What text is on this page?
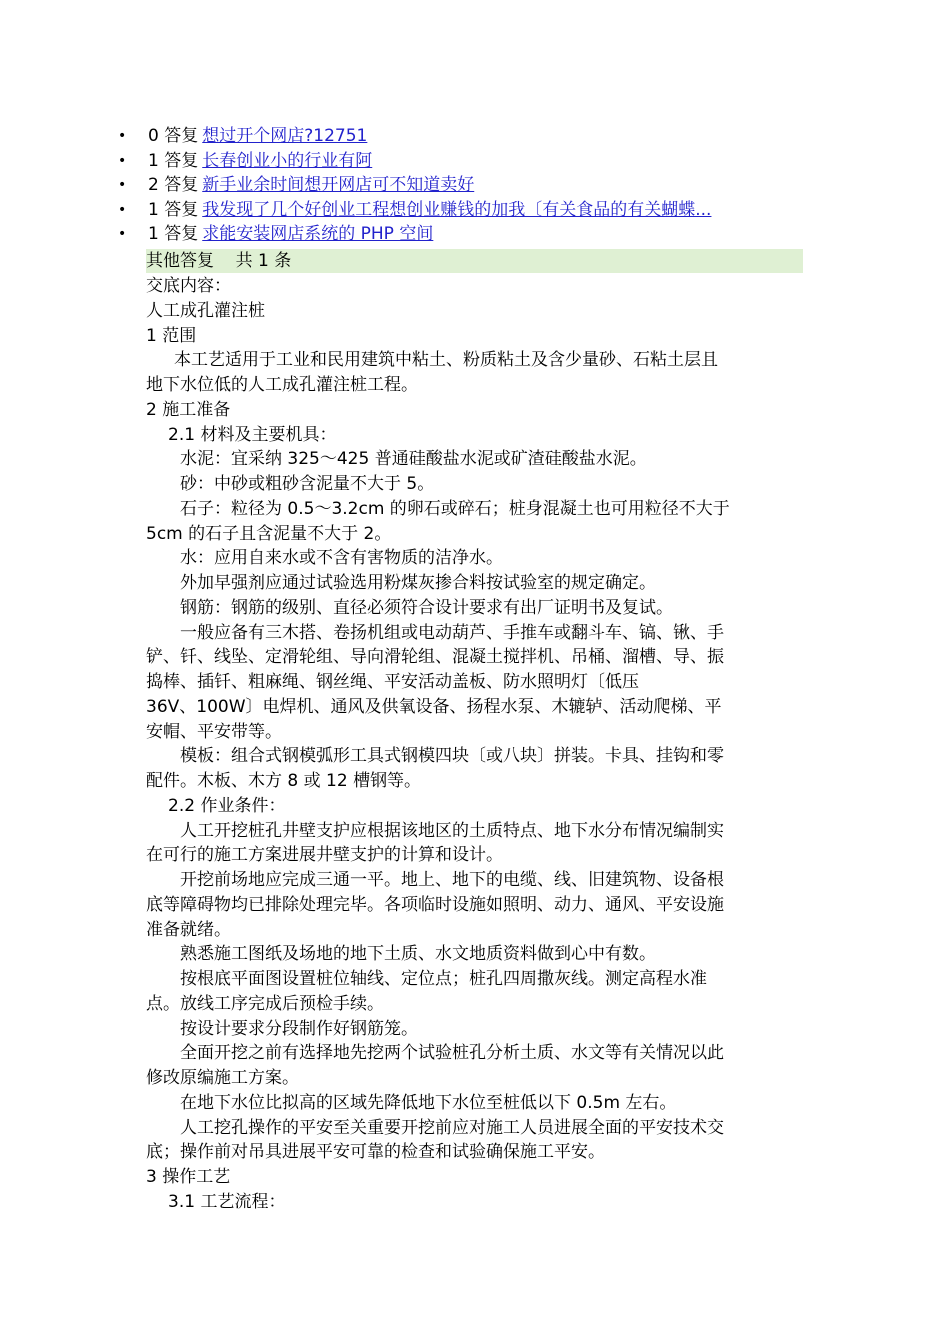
• 0 答复 想过开个网店?12751
• 1 答复 长春创业小的行业有阿
• 2 答复 新手业余时间想开网店可不知道卖好
• 1 答复 我发现了几个好创业工程想创业赚钱的加我〔有关食品的有关蝴蝶...
• 1 答复 求能安装网店系统的 PHP 空间
其他答复    共 1 条
交底内容：
人工成孔灌注桩
1 范围
本工艺适用于工业和民用建筑中粘土、粉质粘土及含少量砂、石粘土层且
地下水位低的人工成孔灌注桩工程。
2 施工准备
2.1 材料及主要机具：
水泥：宜采纳 325～425 普通硅酸盐水泥或矿渣硅酸盐水泥。
砂：中砂或粗砂含泥量不大于 5。
石子：粒径为 0.5～3.2cm 的卵石或碎石；桩身混凝土也可用粒径不大于
5cm 的石子且含泥量不大于 2。
水：应用自来水或不含有害物质的洁净水。
外加早强剂应通过试验选用粉煤灰掺合料按试验室的规定确定。
钢筋：钢筋的级别、直径必须符合设计要求有出厂证明书及复试。
一般应备有三木搭、卷扬机组或电动葫芦、手推车或翻斗车、镐、锹、手
铲、钎、线坠、定滑轮组、导向滑轮组、混凝土搅拌机、吊桶、溜槽、导、振
捣棒、插钎、粗麻绳、钢丝绳、平安活动盖板、防水照明灯〔低压
36V、100W〕电焊机、通风及供氧设备、扬程水泵、木辘轳、活动爬梯、平
安帽、平安带等。
模板：组合式钢模弧形工具式钢模四块〔或八块〕拼装。卡具、挂钩和零
配件。木板、木方 8 或 12 槽钢等。
2.2 作业条件：
人工开挖桩孔井壁支护应根据该地区的土质特点、地下水分布情况编制实
在可行的施工方案进展井壁支护的计算和设计。
开挖前场地应完成三通一平。地上、地下的电缆、线、旧建筑物、设备根
底等障碍物均已排除处理完毕。各项临时设施如照明、动力、通风、平安设施
准备就绪。
熟悉施工图纸及场地的地下土质、水文地质资料做到心中有数。
按根底平面图设置桩位轴线、定位点；桩孔四周撒灰线。测定高程水准
点。放线工序完成后预检手续。
按设计要求分段制作好钢筋笼。
全面开挖之前有选择地先挖两个试验桩孔分析土质、水文等有关情况以此
修改原编施工方案。
在地下水位比拟高的区域先降低地下水位至桩低以下 0.5m 左右。
人工挖孔操作的平安至关重要开挖前应对施工人员进展全面的平安技术交
底；操作前对吊具进展平安可靠的检查和试验确保施工平安。
3 操作工艺
3.1 工艺流程：
